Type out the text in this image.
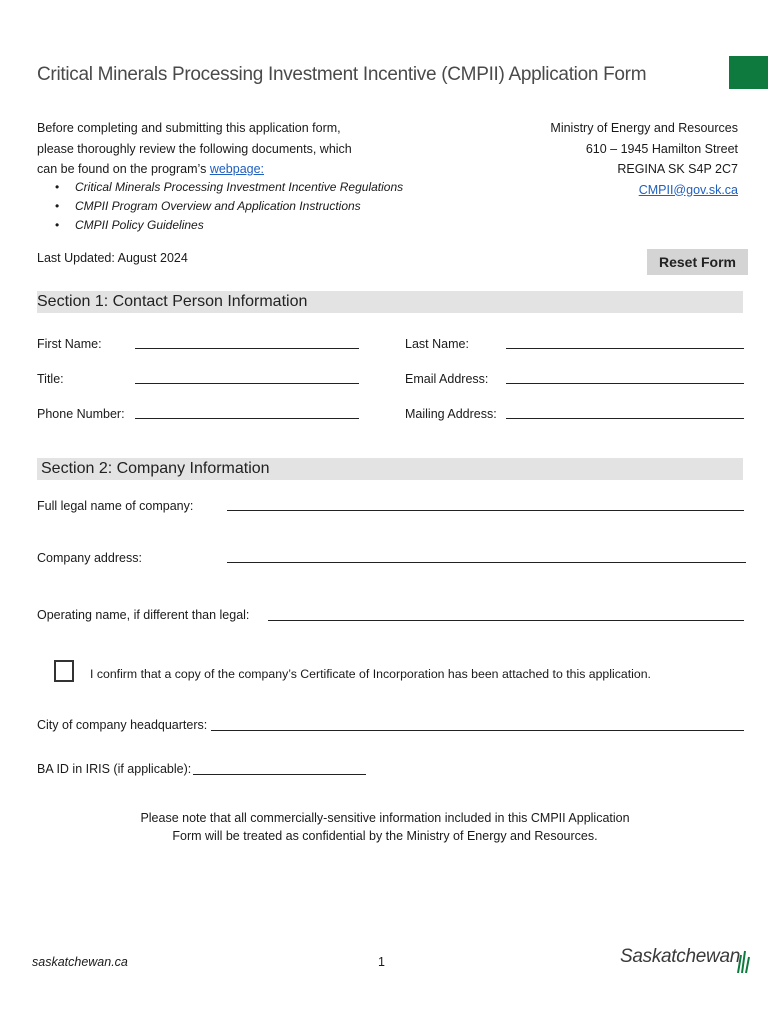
Critical Minerals Processing Investment Incentive (CMPII) Application Form
Before completing and submitting this application form,
please thoroughly review the following documents, which
can be found on the program’s webpage:
• Critical Minerals Processing Investment Incentive Regulations
• CMPII Program Overview and Application Instructions
• CMPII Policy Guidelines
Ministry of Energy and Resources
610 – 1945 Hamilton Street
REGINA SK S4P 2C7
CMPII@gov.sk.ca
Last Updated: August 2024	Reset Form
Section 1: Contact Person Information
First Name:	Last Name:
Title:	Email Address:
Phone Number:	Mailing Address:
Section 2: Company Information
Full legal name of company:
Company address:
Operating name, if different than legal:
I confirm that a copy of the company’s Certificate of Incorporation has been attached to this application.
City of company headquarters:
BA ID in IRIS (if applicable):
Please note that all commercially-sensitive information included in this CMPII Application
Form will be treated as confidential by the Ministry of Energy and Resources.
saskatchewan.ca	1	Saskatchewan
